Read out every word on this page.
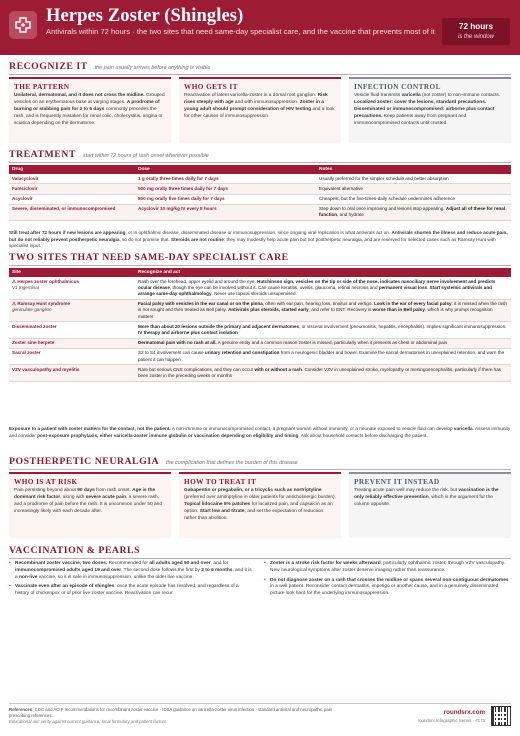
Herpes Zoster (Shingles)
Antivirals within 72 hours · the two sites that need same-day specialist care, and the vaccine that prevents most of it
72 hours
is the window
RECOGNIZE IT the pain usually arrives before anything is visible
THE PATTERN
Unilateral, dermatomal, and it does not cross the midline. Grouped vesicles on an erythematous base at varying stages. A prodrome of burning or stabbing pain for 2 to 5 days commonly precedes the rash, and is frequently mistaken for renal colic, cholecystitis, angina or sciatica depending on the dermatome.
WHO GETS IT
Reactivation of latent varicella-zoster in a dorsal root ganglion. Risk rises steeply with age and with immunosuppression. Zoster in a young adult should prompt consideration of HIV testing and a look for other causes of immunosuppression.
INFECTION CONTROL
Vesicle fluid transmits varicella (not zoster) to non-immune contacts. Localized zoster: cover the lesions, standard precautions. Disseminated or immunocompromised: airborne plus contact precautions. Keep patients away from pregnant and immunocompromised contacts until crusted.
TREATMENT start within 72 hours of rash onset wherever possible
Drug	Dose	Notes
Valacyclovir	1 g orally three times daily for 7 days	Usually preferred for the simpler schedule and better absorption
Famciclovir	500 mg orally three times daily for 7 days	Equivalent alternative
Acyclovir	800 mg orally five times daily for 7 days	Cheapest, but the five-times-daily schedule undermines adherence
Severe, disseminated, or immunocompromised	Acyclovir 10 mg/kg IV every 8 hours	Step down to oral once improving and lesions stop appearing. Adjust all of these for renal function, and hydrate
Still treat after 72 hours if new lesions are appearing, or in ophthalmic disease, disseminated disease or immunosuppression, since ongoing viral replication is what antivirals act on. Antivirals shorten the illness and reduce acute pain, but do not reliably prevent postherpetic neuralgia, so do not promise that. Steroids are not routine: they may modestly help acute pain but not postherpetic neuralgia, and are reserved for selected cases such as Ramsay Hunt with specialist input.
TWO SITES THAT NEED SAME-DAY SPECIALIST CARE
Site	Recognize and act
⚠ Herpes zoster ophthalmicus
V1 trigeminal	Rash over the forehead, upper eyelid and around the eye. Hutchinson sign, vesicles on the tip or side of the nose, indicates nasociliary nerve involvement and predicts ocular disease, though the eye can be involved without it. Can cause keratitis, uveitis, glaucoma, retinal necrosis and permanent visual loss. Start systemic antivirals and arrange same-day ophthalmology. Never use topical steroids unsupervised
⚠ Ramsay Hunt syndrome
geniculate ganglion	Facial palsy with vesicles in the ear canal or on the pinna, often with ear pain, hearing loss, tinnitus and vertigo. Look in the ear of every facial palsy: it is missed when the rash is not sought and then treated as Bell palsy. Antivirals plus steroids, started early, and refer to ENT. Recovery is worse than in Bell palsy, which is why prompt recognition matters
Disseminated zoster	More than about 20 lesions outside the primary and adjacent dermatomes, or visceral involvement (pneumonitis, hepatitis, encephalitis). Implies significant immunosuppression. IV therapy and airborne plus contact isolation
Zoster sine herpete	Dermatomal pain with no rash at all. A genuine entity and a common reason zoster is missed, particularly when it presents as chest or abdominal pain
Sacral zoster	S2 to S4 involvement can cause urinary retention and constipation from a neurogenic bladder and bowel. Examine the sacral dermatomes in unexplained retention, and warn the patient it can happen
VZV vasculopathy and myelitis	Rare but serious CNS complications, and they can occur with or without a rash. Consider VZV in unexplained stroke, myelopathy or meningoencephalitis, particularly if there has been zoster in the preceding weeks or months
Exposure to a patient with zoster matters for the contact, not the patient. A non-immune or immunocompromised contact, a pregnant woman without immunity, or a neonate exposed to vesicle fluid can develop varicella. Assess immunity and consider post-exposure prophylaxis, either varicella-zoster immune globulin or vaccination depending on eligibility and timing. Ask about household contacts before discharging the patient.
POSTHERPETIC NEURALGIA the complication that defines the burden of this disease
WHO IS AT RISK
Pain persisting beyond about 90 days from rash onset. Age is the dominant risk factor, along with severe acute pain, a severe rash, and a prodrome of pain before the rash. It is uncommon under 50 and increasingly likely with each decade after.
HOW TO TREAT IT
Gabapentin or pregabalin, or a tricyclic such as nortriptyline (preferred over amitriptyline in older patients for anticholinergic burden). Topical lidocaine 5% patches for localized pain, and capsaicin as an option. Start low and titrate, and set the expectation of reduction rather than abolition.
PREVENT IT INSTEAD
Treating acute pain well may reduce the risk, but vaccination is the only reliably effective prevention, which is the argument for the column opposite.
VACCINATION & PEARLS
• Recombinant zoster vaccine, two doses. Recommended for all adults aged 50 and over, and for immunocompromised adults aged 19 and over. The second dose follows the first by 2 to 6 months, and it is a non-live vaccine, so it is safe in immunosuppression, unlike the older live vaccine.
• Vaccinate even after an episode of shingles, once the acute episode has resolved, and regardless of a history of chickenpox or of prior live zoster vaccine. Reactivation can recur.
• Zoster is a stroke risk factor for weeks afterward, particularly ophthalmic zoster, through VZV vasculopathy. New neurological symptoms after zoster deserve imaging rather than reassurance.
• Do not diagnose zoster on a rash that crosses the midline or spans several non-contiguous dermatomes in a well patient. Reconsider contact dermatitis, impetigo or another cause, and in a genuinely disseminated picture look hard for the underlying immunosuppression.
References: CDC and ACIP recommendations for recombinant zoster vaccine · IDSA guidance on varicella-zoster virus infection · standard antiviral and neuropathic pain prescribing references.
Educational aid; verify against current guidance, local formulary and patient factors.
roundsrx.com
roundsrx Infographic Series · #173
